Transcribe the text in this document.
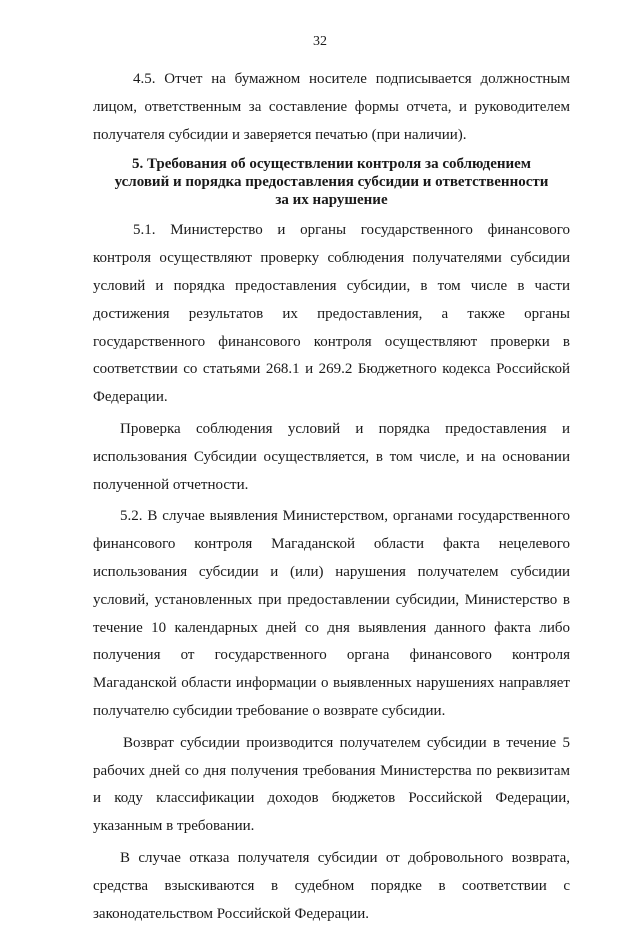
32

4.5. Отчет на бумажном носителе подписывается должностным лицом, ответственным за составление формы отчета, и руководителем получателя субсидии и заверяется печатью (при наличии).

5. Требования об осуществлении контроля за соблюдением
условий и порядка предоставления субсидии и ответственности
за их нарушение

5.1. Министерство и органы государственного финансового контроля осуществляют проверку соблюдения получателями субсидии условий и порядка предоставления субсидии, в том числе в части достижения результатов их предоставления, а также органы государственного финансового контроля осуществляют проверки в соответствии со статьями 268.1 и 269.2 Бюджетного кодекса Российской Федерации.

Проверка соблюдения условий и порядка предоставления и использования Субсидии осуществляется, в том числе, и на основании полученной отчетности.

5.2. В случае выявления Министерством, органами государственного финансового контроля Магаданской области факта нецелевого использования субсидии и (или) нарушения получателем субсидии условий, установленных при предоставлении субсидии, Министерство в течение 10 календарных дней со дня выявления данного факта либо получения от государственного органа финансового контроля Магаданской области информации о выявленных нарушениях направляет получателю субсидии требование о возврате субсидии.

Возврат субсидии производится получателем субсидии в течение 5 рабочих дней со дня получения требования Министерства по реквизитам и коду классификации доходов бюджетов Российской Федерации, указанным в требовании.

В случае отказа получателя субсидии от добровольного возврата, средства взыскиваются в судебном порядке в соответствии с законодательством Российской Федерации.
